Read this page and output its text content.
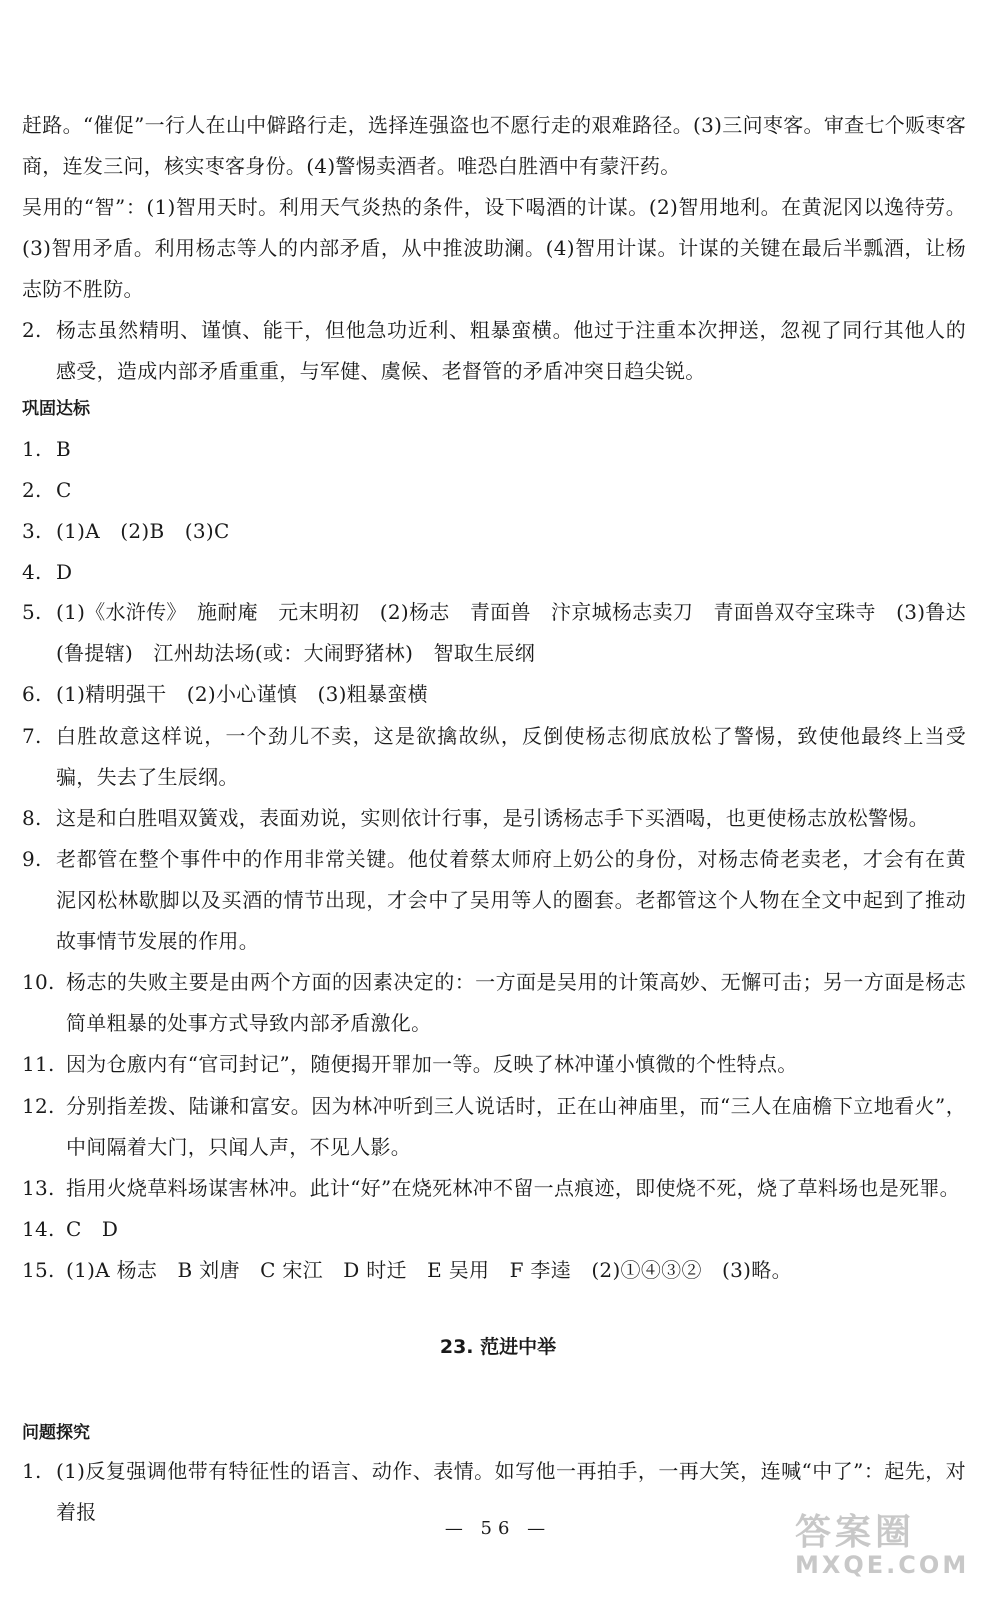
赶路。“催促”一行人在山中僻路行走，选择连强盗也不愿行走的艰难路径。(3)三问枣客。审查七个贩枣客商，连发三问，核实枣客身份。(4)警惕卖酒者。唯恐白胜酒中有蒙汗药。
吴用的“智”：(1)智用天时。利用天气炎热的条件，设下喝酒的计谋。(2)智用地利。在黄泥冈以逸待劳。(3)智用矛盾。利用杨志等人的内部矛盾，从中推波助澜。(4)智用计谋。计谋的关键在最后半瓢酒，让杨志防不胜防。
2. 杨志虽然精明、谨慎、能干，但他急功近利、粗暴蛮横。他过于注重本次押送，忽视了同行其他人的感受，造成内部矛盾重重，与军健、虞候、老督管的矛盾冲突日趋尖锐。
巩固达标
1. B
2. C
3. (1)A　(2)B　(3)C
4. D
5. (1)《水浒传》　施耐庵　元末明初　(2)杨志　青面兽　汴京城杨志卖刀　青面兽双夺宝珠寺　(3)鲁达(鲁提辖)　江州劫法场(或：大闹野猪林)　智取生辰纲
6. (1)精明强干　(2)小心谨慎　(3)粗暴蛮横
7. 白胜故意这样说，一个劲儿不卖，这是欲擒故纵，反倒使杨志彻底放松了警惕，致使他最终上当受骗，失去了生辰纲。
8. 这是和白胜唱双簧戏，表面劝说，实则依计行事，是引诱杨志手下买酒喝，也更使杨志放松警惕。
9. 老都管在整个事件中的作用非常关键。他仗着蔡太师府上奶公的身份，对杨志倚老卖老，才会有在黄泥冈松林歇脚以及买酒的情节出现，才会中了吴用等人的圈套。老都管这个人物在全文中起到了推动故事情节发展的作用。
10. 杨志的失败主要是由两个方面的因素决定的：一方面是吴用的计策高妙、无懈可击；另一方面是杨志简单粗暴的处事方式导致内部矛盾激化。
11. 因为仓廒内有“官司封记”，随便揭开罪加一等。反映了林冲谨小慎微的个性特点。
12. 分别指差拨、陆谦和富安。因为林冲听到三人说话时，正在山神庙里，而“三人在庙檐下立地看火”，中间隔着大门，只闻人声，不见人影。
13. 指用火烧草料场谋害林冲。此计“好”在烧死林冲不留一点痕迹，即使烧不死，烧了草料场也是死罪。
14. C　D
15. (1)A 杨志　B 刘唐　C 宋江　D 时迁　E 吴用　F 李逵　(2)①④③②　(3)略。
23. 范进中举
问题探究
1. (1)反复强调他带有特征性的语言、动作、表情。如写他一再拍手，一再大笑，连喊“中了”：起先，对着报
— 56 —	答案圈
MXQE.COM
